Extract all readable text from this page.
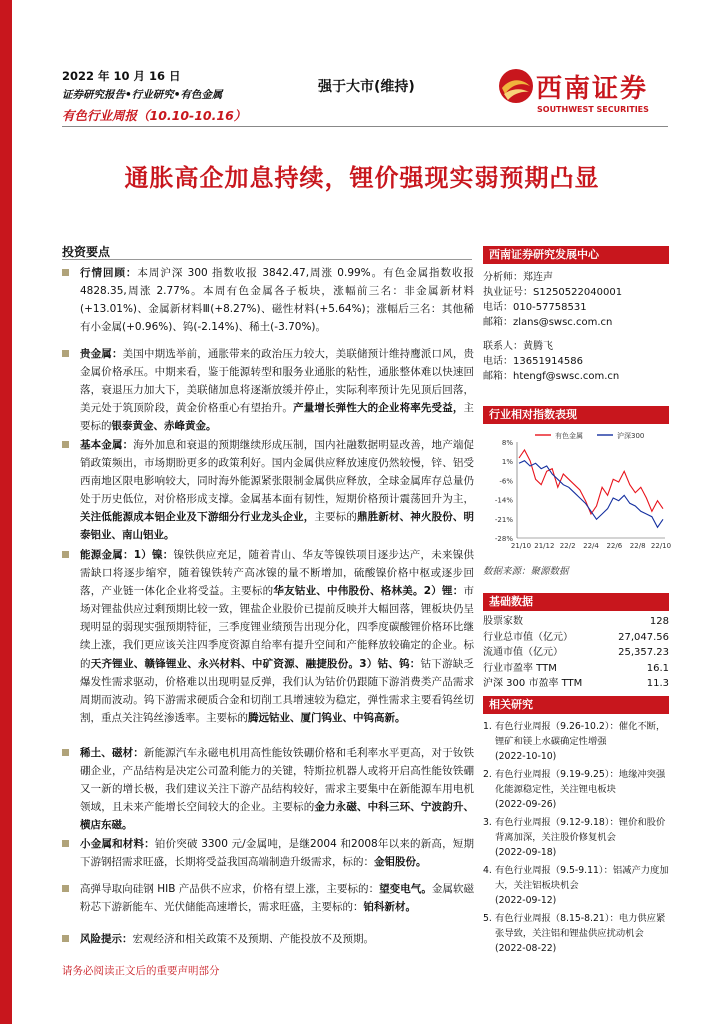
2022 年 10 月 16 日
证券研究报告•行业研究•有色金属
有色行业周报（10.10-10.16）
强于大市(维持)	西南证券
SOUTHWEST SECURITIES
通胀高企加息持续，锂价强现实弱预期凸显
投资要点
行情回顾：本周沪深 300 指数收报 3842.47,周涨 0.99%。有色金属指数收报 4828.35,周涨 2.77%。本周有色金属各子板块，涨幅前三名：非金属新材料(+13.01%)、金属新材料Ⅲ(+8.27%)、磁性材料(+5.64%)；涨幅后三名：其他稀有小金属(+0.96%)、钨(-2.14%)、稀土(-3.70%)。
贵金属：美国中期选举前，通胀带来的政治压力较大，美联储预计维持鹰派口风，贵金属价格承压。中期来看，鉴于能源转型和服务业通胀的粘性，通胀整体难以快速回落，衰退压力加大下，美联储加息将逐渐放缓并停止，实际利率预计先见顶后回落，美元处于筑顶阶段，黄金价格重心有望抬升。产量增长弹性大的企业将率先受益，主要标的银泰黄金、赤峰黄金。
基本金属：海外加息和衰退的预期继续形成压制，国内社融数据明显改善，地产端促销政策频出，市场期盼更多的政策利好。国内金属供应释放速度仍然较慢，锌、铝受西南地区限电影响较大，同时海外能源紧张限制金属供应释放，全球金属库存总量仍处于历史低位，对价格形成支撑。金属基本面有韧性，短期价格预计震荡回升为主，关注低能源成本铝企业及下游细分行业龙头企业，主要标的鼎胜新材、神火股份、明泰铝业、南山铝业。
能源金属：1）镍：镍铁供应充足，随着青山、华友等镍铁项目逐步达产，未来镍供需缺口将逐步缩窄，随着镍铁转产高冰镍的量不断增加，硫酸镍价格中枢或逐步回落，产业链一体化企业将受益。主要标的华友钴业、中伟股份、格林美。2）锂：市场对锂盐供应过剩预期比较一致，锂盐企业股价已提前反映并大幅回落，锂板块仍呈现明显的弱现实强预期特征，三季度锂业绩预告出现分化，四季度碳酸锂价格环比继续上涨，我们更应该关注四季度资源自给率有提升空间和产能释放较确定的企业。标的天齐锂业、赣锋锂业、永兴材料、中矿资源、融捷股份。3）钴、钨：钴下游缺乏爆发性需求驱动，价格难以出现明显反弹，我们认为钴价仍跟随下游消费类产品需求周期而波动。钨下游需求硬质合金和切削工具增速较为稳定，弹性需求主要看钨丝切割，重点关注钨丝渗透率。主要标的腾远钴业、厦门钨业、中钨高新。
稀土、磁材：新能源汽车永磁电机用高性能钕铁硼价格和毛利率水平更高，对于钕铁硼企业，产品结构是决定公司盈利能力的关键，特斯拉机器人或将开启高性能钕铁硼又一新的增长极，我们建议关注下游产品结构较好，需求主要集中在新能源车用电机领域，且未来产能增长空间较大的企业。主要标的金力永磁、中科三环、宁波韵升、横店东磁。
小金属和材料：铂价突破 3300 元/金属吨，是继2004 和2008年以来的新高，短期下游钢招需求旺盛，长期将受益我国高端制造升级需求，标的：金钼股份。
高弹导取向硅钢 HIB 产品供不应求，价格有望上涨，主要标的：望变电气。金属软磁粉芯下游新能车、光伏储能高速增长，需求旺盛，主要标的：铂科新材。
风险提示：宏观经济和相关政策不及预期、产能投放不及预期。
西南证券研究发展中心
分析师：郑连声
执业证号：S1250522040001
电话：010-57758531
邮箱：zlans@swsc.com.cn
联系人：黄腾飞
电话：13651914586
邮箱：htengf@swsc.com.cn
行业相对指数表现
8%
1%
-6%
-14%
-21%
-28%
21/10 21/12 22/2 22/4 22/6 22/8 22/10
有色金属	沪深300
数据来源：聚源数据
基础数据
股票家数	128
行业总市值（亿元）	27,047.56
流通市值（亿元）	25,357.23
行业市盈率 TTM	16.1
沪深 300 市盈率 TTM	11.3
相关研究
1. 有色行业周报（9.26-10.2）：催化不断，锂矿和镁上水碳确定性增强
(2022-10-10)
2. 有色行业周报（9.19-9.25）：地缘冲突强化能源稳定性，关注锂电板块
(2022-09-26)
3. 有色行业周报（9.12-9.18）：锂价和股价背离加深，关注股价修复机会
(2022-09-18)
4. 有色行业周报（9.5-9.11）：铝减产力度加大，关注铝板块机会
(2022-09-12)
5. 有色行业周报（8.15-8.21）：电力供应紧张导致，关注铝和锂盐供应扰动机会
(2022-08-22)
请务必阅读正文后的重要声明部分
